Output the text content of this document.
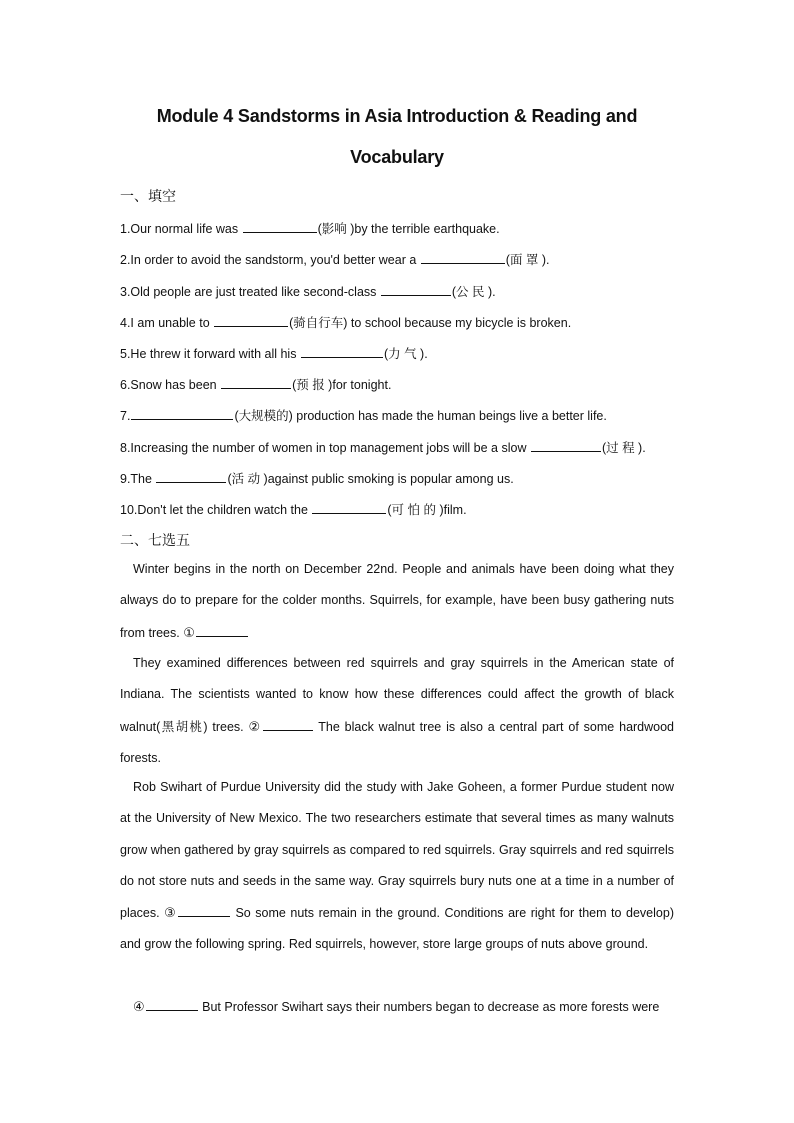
Module 4 Sandstorms in Asia Introduction & Reading and
Vocabulary
一、填空
1.Our normal life was	(影响 )by the terrible earthquake.
2.In order to avoid the sandstorm, you'd better wear a	(面 罩 ).
3.Old people are just treated like second-class	(公 民 ).
4.I am unable to	(骑自行车) to school because my bicycle is broken.
5.He threw it forward with all his	(力 气 ).
6.Snow has been	(预 报 )for tonight.
7.	(大规模的) production has made the human beings live a better life.
8.Increasing the number of women in top management jobs will be a slow	(过 程 ).
9.The	(活 动 )against public smoking is popular among us.
10.Don't let the children watch the	(可 怕 的 )film.
二、七选五
Winter begins in the north on December 22nd. People and animals have been doing what they always do to prepare for the colder months. Squirrels, for example, have been busy gathering nuts from trees. ①
They examined differences between red squirrels and gray squirrels in the American state of Indiana. The scientists wanted to know how these differences could affect the growth of black walnut(黑胡桃) trees. ②	The black walnut tree is also a central part of some hardwood forests.
Rob Swihart of Purdue University did the study with Jake Goheen, a former Purdue student now at the University of New Mexico. The two researchers estimate that several times as many walnuts grow when gathered by gray squirrels as compared to red squirrels. Gray squirrels and red squirrels do not store nuts and seeds in the same way. Gray squirrels bury nuts one at a time in a number of places. ③	So some nuts remain in the ground. Conditions are right for them to develop) and grow the following spring. Red squirrels, however, store large groups of nuts above ground.
④	But Professor Swihart says their numbers began to decrease as more forests were
